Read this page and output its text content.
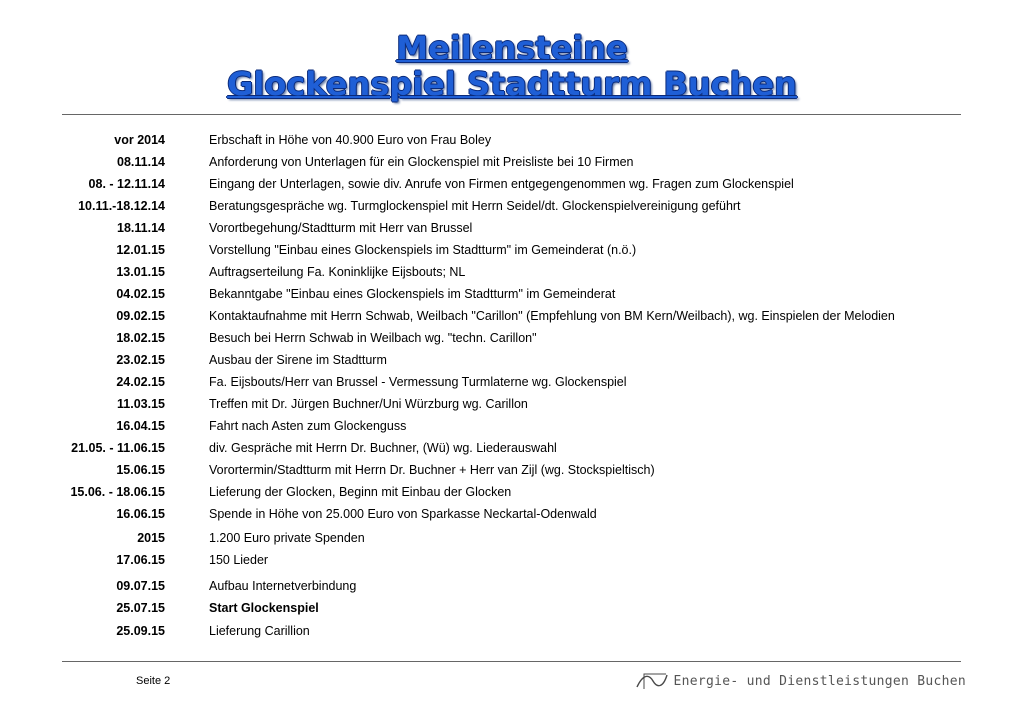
Meilensteine
Glockenspiel Stadtturm Buchen
vor 2014	Erbschaft in Höhe von 40.900 Euro von Frau Boley
08.11.14	Anforderung von Unterlagen für ein Glockenspiel mit Preisliste bei 10 Firmen
08. - 12.11.14	Eingang der Unterlagen, sowie div. Anrufe von Firmen entgegengenommen wg. Fragen zum Glockenspiel
10.11.-18.12.14	Beratungsgespräche wg. Turmglockenspiel mit Herrn Seidel/dt. Glockenspielvereinigung geführt
18.11.14	Vorortbegehung/Stadtturm mit Herr van Brussel
12.01.15	Vorstellung "Einbau eines Glockenspiels im Stadtturm" im Gemeinderat (n.ö.)
13.01.15	Auftragserteilung Fa. Koninklijke Eijsbouts; NL
04.02.15	Bekanntgabe "Einbau eines Glockenspiels im Stadtturm" im Gemeinderat
09.02.15	Kontaktaufnahme mit Herrn Schwab, Weilbach "Carillon" (Empfehlung von BM Kern/Weilbach), wg. Einspielen der Melodien
18.02.15	Besuch bei Herrn Schwab in Weilbach wg. "techn. Carillon"
23.02.15	Ausbau der Sirene im Stadtturm
24.02.15	Fa. Eijsbouts/Herr van Brussel - Vermessung Turmlaterne wg. Glockenspiel
11.03.15	Treffen mit Dr. Jürgen Buchner/Uni Würzburg wg. Carillon
16.04.15	Fahrt nach Asten zum Glockenguss
21.05. - 11.06.15	div. Gespräche mit Herrn Dr. Buchner, (Wü) wg. Liederauswahl
15.06.15	Vorortermin/Stadtturm mit Herrn Dr. Buchner + Herr van Zijl (wg. Stockspieltisch)
15.06. - 18.06.15	Lieferung der Glocken, Beginn mit Einbau der Glocken
16.06.15	Spende in Höhe von 25.000 Euro von Sparkasse Neckartal-Odenwald
2015	1.200 Euro private Spenden
17.06.15	150 Lieder
09.07.15	Aufbau Internetverbindung
25.07.15	Start Glockenspiel
25.09.15	Lieferung Carillion
Seite 2	Energie- und Dienstleistungen Buchen
